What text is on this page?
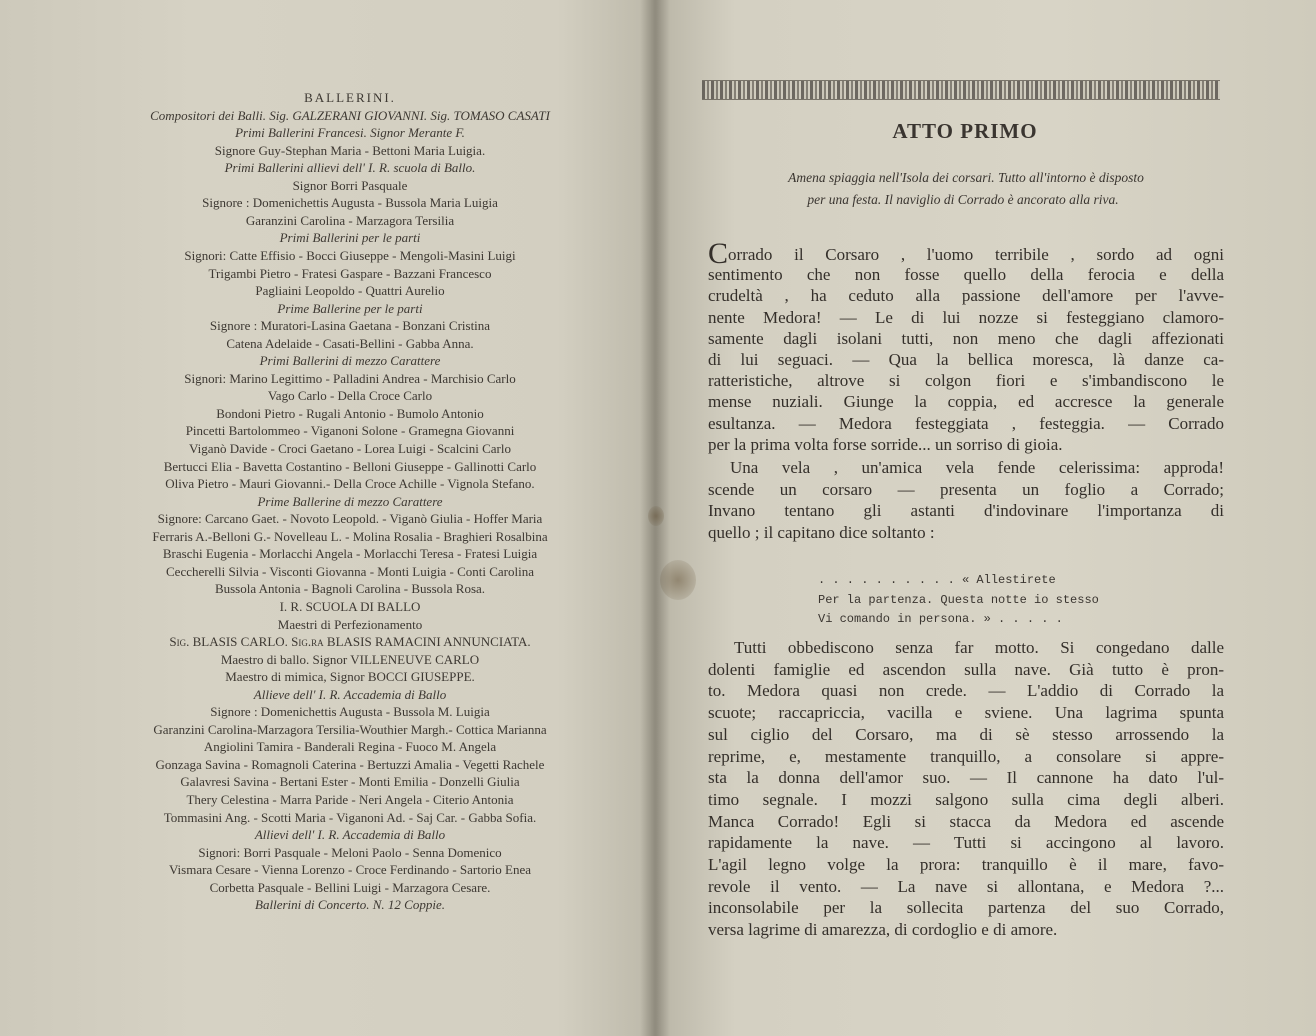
ATTO PRIMO

Amena spiaggia nell'Isola dei corsari. Tutto all'intorno è disposto

per una festa. Il naviglio di Corrado è ancorato alla riva.

Corrado il Corsaro , l'uomo terribile , sordo ad ogni

sentimento che non fosse quello della ferocia e della

crudeltà , ha ceduto alla passione dell'amore per l'avve-

nente Medora! — Le di lui nozze si festeggiano clamoro-

samente dagli isolani tutti, non meno che dagli affezionati

di lui seguaci. — Qua la bellica moresca, là danze ca-

ratteristiche, altrove si colgon fiori e s'imbandiscono le

mense nuziali. Giunge la coppia, ed accresce la generale

esultanza. — Medora festeggiata , festeggia. — Corrado

per la prima volta forse sorride... un sorriso di gioia.

Una vela , un'amica vela fende celerissima: approda!

scende un corsaro — presenta un foglio a Corrado;

Invano tentano gli astanti d'indovinare l'importanza di

quello ; il capitano dice soltanto :

. . . . . . . . . . « Allestirete

Per la partenza. Questa notte io stesso

Vi comando in persona. » . . . . .

Tutti obbediscono senza far motto. Si congedano dalle

dolenti famiglie ed ascendon sulla nave. Già tutto è pron-

to. Medora quasi non crede. — L'addio di Corrado la

scuote; raccapriccia, vacilla e sviene. Una lagrima spunta

sul ciglio del Corsaro, ma di sè stesso arrossendo la

reprime, e, mestamente tranquillo, a consolare si appre-

sta la donna dell'amor suo. — Il cannone ha dato l'ul-

timo segnale. I mozzi salgono sulla cima degli alberi.

Manca Corrado! Egli si stacca da Medora ed ascende

rapidamente la nave. — Tutti si accingono al lavoro.

L'agil legno volge la prora: tranquillo è il mare, favo-

revole il vento. — La nave si allontana, e Medora ?...

inconsolabile per la sollecita partenza del suo Corrado,

versa lagrime di amarezza, di cordoglio e di amore.

BALLERINI.

Compositori dei Balli. Sig. GALZERANI GIOVANNI. Sig. TOMASO CASATI

Primi Ballerini Francesi. Signor Merante F.

Signore Guy-Stephan Maria - Bettoni Maria Luigia.

Primi Ballerini allievi dell' I. R. scuola di Ballo.

Signor Borri Pasquale

Signore : Domenichettis Augusta - Bussola Maria Luigia

Garanzini Carolina - Marzagora Tersilia

Primi Ballerini per le parti

Signori: Catte Effisio - Bocci Giuseppe - Mengoli-Masini Luigi

Trigambi Pietro - Fratesi Gaspare - Bazzani Francesco

Pagliaini Leopoldo - Quattri Aurelio

Prime Ballerine per le parti

Signore : Muratori-Lasina Gaetana - Bonzani Cristina

Catena Adelaide - Casati-Bellini - Gabba Anna.

Primi Ballerini di mezzo Carattere

Signori: Marino Legittimo - Palladini Andrea - Marchisio Carlo

Vago Carlo - Della Croce Carlo

Bondoni Pietro - Rugali Antonio - Bumolo Antonio

Pincetti Bartolommeo - Viganoni Solone - Gramegna Giovanni

Viganò Davide - Croci Gaetano - Lorea Luigi - Scalcini Carlo

Bertucci Elia - Bavetta Costantino - Belloni Giuseppe - Gallinotti Carlo

Oliva Pietro - Mauri Giovanni.- Della Croce Achille - Vignola Stefano.

Prime Ballerine di mezzo Carattere

Signore: Carcano Gaet. - Novoto Leopold. - Viganò Giulia - Hoffer Maria

Ferraris A.-Belloni G.- Novelleau L. - Molina Rosalia - Braghieri Rosalbina

Braschi Eugenia - Morlacchi Angela - Morlacchi Teresa - Fratesi Luigia

Ceccherelli Silvia - Visconti Giovanna - Monti Luigia - Conti Carolina

Bussola Antonia - Bagnoli Carolina - Bussola Rosa.

I. R. SCUOLA DI BALLO

Maestri di Perfezionamento

Sig. BLASIS CARLO. Sig.ra BLASIS RAMACINI ANNUNCIATA.

Maestro di ballo. Signor VILLENEUVE CARLO

Maestro di mimica, Signor BOCCI GIUSEPPE.

Allieve dell' I. R. Accademia di Ballo

Signore : Domenichettis Augusta - Bussola M. Luigia

Garanzini Carolina-Marzagora Tersilia-Wouthier Margh.- Cottica Marianna

Angiolini Tamira - Banderali Regina - Fuoco M. Angela

Gonzaga Savina - Romagnoli Caterina - Bertuzzi Amalia - Vegetti Rachele

Galavresi Savina - Bertani Ester - Monti Emilia - Donzelli Giulia

Thery Celestina - Marra Paride - Neri Angela - Citerio Antonia

Tommasini Ang. - Scotti Maria - Viganoni Ad. - Saj Car. - Gabba Sofia.

Allievi dell' I. R. Accademia di Ballo

Signori: Borri Pasquale - Meloni Paolo - Senna Domenico

Vismara Cesare - Vienna Lorenzo - Croce Ferdinando - Sartorio Enea

Corbetta Pasquale - Bellini Luigi - Marzagora Cesare.

Ballerini di Concerto. N. 12 Coppie.
